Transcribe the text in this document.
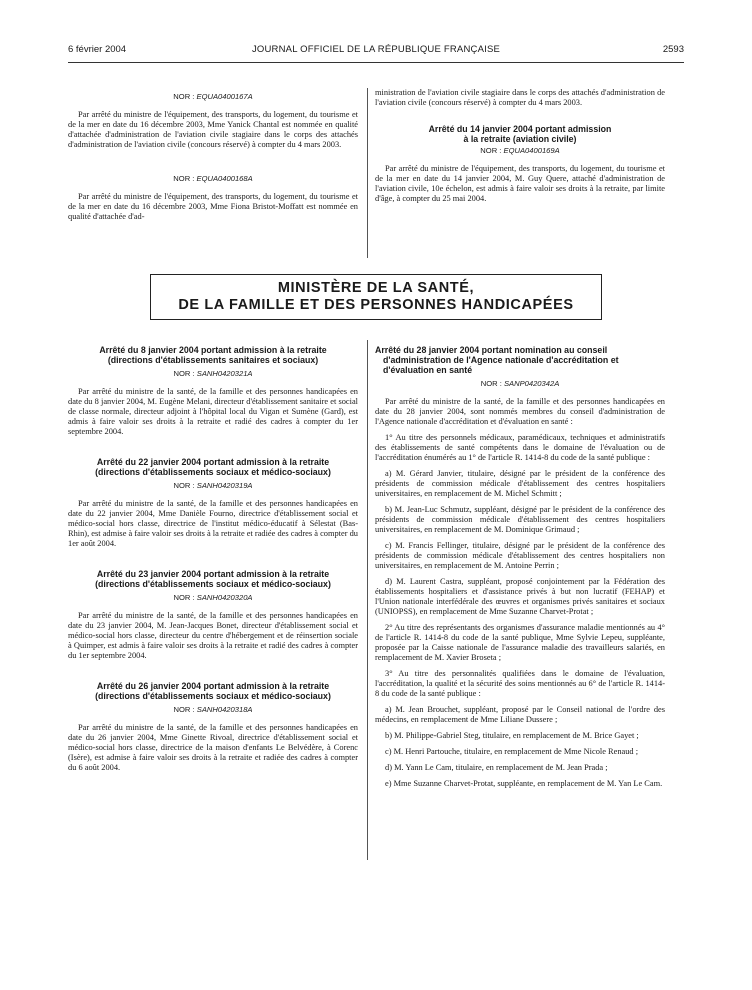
6 février 2004	JOURNAL OFFICIEL DE LA RÉPUBLIQUE FRANÇAISE	2593
NOR : EQUA0400167A

Par arrêté du ministre de l'équipement, des transports, du logement, du tourisme et de la mer en date du 16 décembre 2003, Mme Yanick Chantal est nommée en qualité d'attachée d'administration de l'aviation civile stagiaire dans le corps des attachés d'administration de l'aviation civile (concours réservé) à compter du 4 mars 2003.

NOR : EQUA0400168A

Par arrêté du ministre de l'équipement, des transports, du logement, du tourisme et de la mer en date du 16 décembre 2003, Mme Fiona Bristot-Moffatt est nommée en qualité d'attachée d'ad-

ministration de l'aviation civile stagiaire dans le corps des attachés d'administration de l'aviation civile (concours réservé) à compter du 4 mars 2003.

Arrêté du 14 janvier 2004 portant admission
à la retraite (aviation civile)
NOR : EQUA0400169A

Par arrêté du ministre de l'équipement, des transports, du logement, du tourisme et de la mer en date du 14 janvier 2004, M. Guy Quere, attaché d'administration de l'aviation civile, 10e échelon, est admis à faire valoir ses droits à la retraite, par limite d'âge, à compter du 25 mai 2004.

MINISTÈRE DE LA SANTÉ,
DE LA FAMILLE ET DES PERSONNES HANDICAPÉES
Arrêté du 8 janvier 2004 portant admission à la retraite
(directions d'établissements sanitaires et sociaux)
NOR : SANH0420321A

Par arrêté du ministre de la santé, de la famille et des personnes handicapées en date du 8 janvier 2004, M. Eugène Melani, directeur d'établissement sanitaire et social de classe normale, directeur adjoint à l'hôpital local du Vigan et Sumène (Gard), est admis à faire valoir ses droits à la retraite et radié des cadres à compter du 1er septembre 2004.

Arrêté du 22 janvier 2004 portant admission à la retraite
(directions d'établissements sociaux et médico-sociaux)
NOR : SANH0420319A

Par arrêté du ministre de la santé, de la famille et des personnes handicapées en date du 22 janvier 2004, Mme Danièle Fourno, directrice d'établissement social et médico-social hors classe, directrice de l'institut médico-éducatif à Sélestat (Bas-Rhin), est admise à faire valoir ses droits à la retraite et radiée des cadres à compter du 1er août 2004.

Arrêté du 23 janvier 2004 portant admission à la retraite
(directions d'établissements sociaux et médico-sociaux)
NOR : SANH0420320A

Par arrêté du ministre de la santé, de la famille et des personnes handicapées en date du 23 janvier 2004, M. Jean-Jacques Bonet, directeur d'établissement social et médico-social hors classe, directeur du centre d'hébergement et de réinsertion sociale à Quimper, est admis à faire valoir ses droits à la retraite et radié des cadres à compter du 1er septembre 2004.

Arrêté du 26 janvier 2004 portant admission à la retraite
(directions d'établissements sociaux et médico-sociaux)
NOR : SANH0420318A

Par arrêté du ministre de la santé, de la famille et des personnes handicapées en date du 26 janvier 2004, Mme Ginette Rivoal, directrice d'établissement social et médico-social hors classe, directrice de la maison d'enfants Le Belvédère, à Corenc (Isère), est admise à faire valoir ses droits à la retraite et radiée des cadres à compter du 6 août 2004.

Arrêté du 28 janvier 2004 portant nomination au conseil
d'administration de l'Agence nationale d'accréditation et
d'évaluation en santé
NOR : SANP0420342A

Par arrêté du ministre de la santé, de la famille et des personnes handicapées en date du 28 janvier 2004, sont nommés membres du conseil d'administration de l'Agence nationale d'accréditation et d'évaluation en santé :

1° Au titre des personnels médicaux, paramédicaux, techniques et administratifs des établissements de santé compétents dans le domaine de l'évaluation ou de l'accréditation énumérés au 1° de l'article R. 1414-8 du code de la santé publique :

a) M. Gérard Janvier, titulaire, désigné par le président de la conférence des présidents de commission médicale d'établissement des centres hospitaliers universitaires, en remplacement de M. Michel Schmitt ;

b) M. Jean-Luc Schmutz, suppléant, désigné par le président de la conférence des présidents de commission médicale d'établissement des centres hospitaliers universitaires, en remplacement de M. Dominique Grimaud ;

c) M. Francis Fellinger, titulaire, désigné par le président de la conférence des présidents de commission médicale d'établissement des centres hospitaliers non universitaires, en remplacement de M. Antoine Perrin ;

d) M. Laurent Castra, suppléant, proposé conjointement par la Fédération des établissements hospitaliers et d'assistance privés à but non lucratif (FEHAP) et l'Union nationale interfédérale des œuvres et organismes privés sanitaires et sociaux (UNIOPSS), en remplacement de Mme Suzanne Charvet-Protat ;

2° Au titre des représentants des organismes d'assurance maladie mentionnés au 4° de l'article R. 1414-8 du code de la santé publique, Mme Sylvie Lepeu, suppléante, proposée par la Caisse nationale de l'assurance maladie des travailleurs salariés, en remplacement de M. Xavier Broseta ;

3° Au titre des personnalités qualifiées dans le domaine de l'évaluation, l'accréditation, la qualité et la sécurité des soins mentionnés au 6° de l'article R. 1414-8 du code de la santé publique :

a) M. Jean Brouchet, suppléant, proposé par le Conseil national de l'ordre des médecins, en remplacement de Mme Liliane Dussere ;

b) M. Philippe-Gabriel Steg, titulaire, en remplacement de M. Brice Gayet ;

c) M. Henri Partouche, titulaire, en remplacement de Mme Nicole Renaud ;

d) M. Yann Le Cam, titulaire, en remplacement de M. Jean Prada ;

e) Mme Suzanne Charvet-Protat, suppléante, en remplacement de M. Yan Le Cam.
